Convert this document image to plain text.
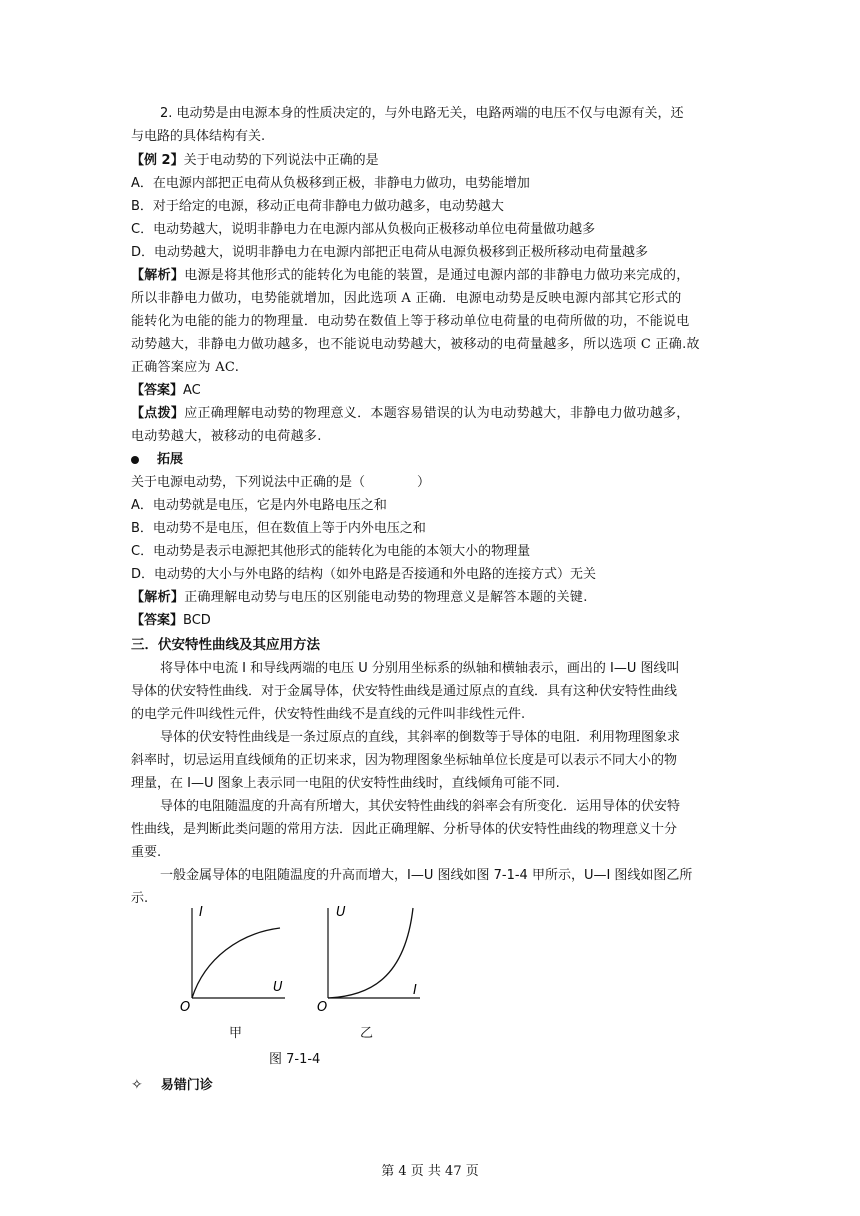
2. 电动势是由电源本身的性质决定的，与外电路无关，电路两端的电压不仅与电源有关，还
与电路的具体结构有关.
【例 2】关于电动势的下列说法中正确的是
A．在电源内部把正电荷从负极移到正极，非静电力做功，电势能增加
B．对于给定的电源，移动正电荷非静电力做功越多，电动势越大
C．电动势越大，说明非静电力在电源内部从负极向正极移动单位电荷量做功越多
D．电动势越大，说明非静电力在电源内部把正电荷从电源负极移到正极所移动电荷量越多
【解析】电源是将其他形式的能转化为电能的装置，是通过电源内部的非静电力做功来完成的，
所以非静电力做功，电势能就增加，因此选项 A 正确．电源电动势是反映电源内部其它形式的
能转化为电能的能力的物理量．电动势在数值上等于移动单位电荷量的电荷所做的功，不能说电
动势越大，非静电力做功越多，也不能说电动势越大，被移动的电荷量越多，所以选项 C 正确.故
正确答案应为 AC.
【答案】AC
【点拨】应正确理解电动势的物理意义．本题容易错误的认为电动势越大，非静电力做功越多，
电动势越大，被移动的电荷越多.
拓展
关于电源电动势，下列说法中正确的是（　　　　）
A．电动势就是电压，它是内外电路电压之和
B．电动势不是电压，但在数值上等于内外电压之和
C．电动势是表示电源把其他形式的能转化为电能的本领大小的物理量
D．电动势的大小与外电路的结构（如外电路是否接通和外电路的连接方式）无关
【解析】正确理解电动势与电压的区别能电动势的物理意义是解答本题的关键.
【答案】BCD
三．伏安特性曲线及其应用方法
将导体中电流 I 和导线两端的电压 U 分别用坐标系的纵轴和横轴表示，画出的 I—U 图线叫
导体的伏安特性曲线．对于金属导体，伏安特性曲线是通过原点的直线．具有这种伏安特性曲线
的电学元件叫线性元件，伏安特性曲线不是直线的元件叫非线性元件.
导体的伏安特性曲线是一条过原点的直线，其斜率的倒数等于导体的电阻．利用物理图象求
斜率时，切忌运用直线倾角的正切来求，因为物理图象坐标轴单位长度是可以表示不同大小的物
理量，在 I—U 图象上表示同一电阻的伏安特性曲线时，直线倾角可能不同.
导体的电阻随温度的升高有所增大，其伏安特性曲线的斜率会有所变化．运用导体的伏安特
性曲线，是判断此类问题的常用方法．因此正确理解、分析导体的伏安特性曲线的物理意义十分
重要.
一般金属导体的电阻随温度的升高而增大，I—U 图线如图 7-1-4 甲所示，U—I 图线如图乙所
示.
I
U
O
U
I
O
甲	乙
图 7-1-4
✧ 易错门诊
第 4 页 共 47 页
